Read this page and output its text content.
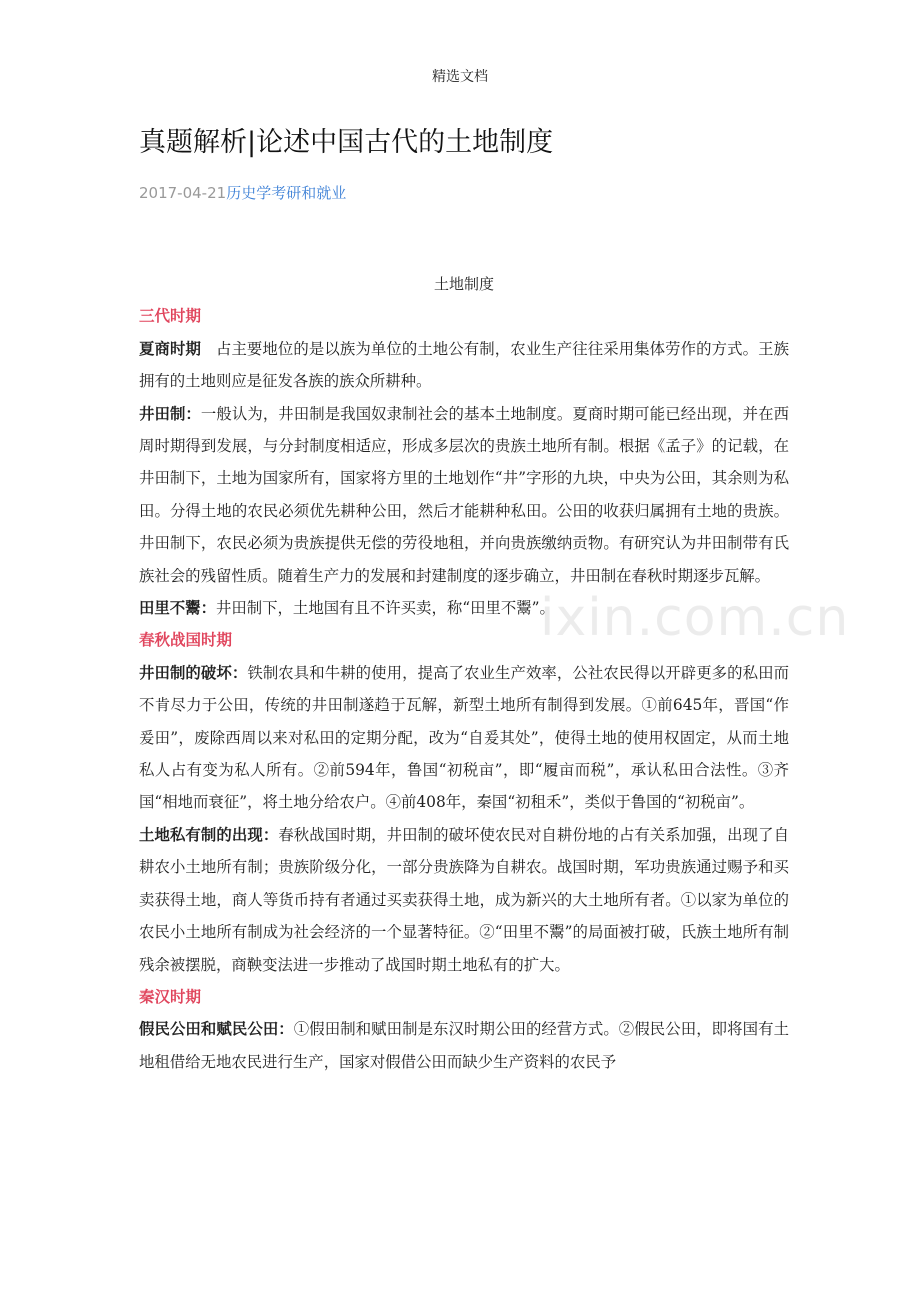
精选文档
真题解析|论述中国古代的土地制度
2017-04-21历史学考研和就业
ixin.com.cn
土地制度
三代时期

夏商时期 占主要地位的是以族为单位的土地公有制，农业生产往往采用集体劳作的方式。王族拥有的土地则应是征发各族的族众所耕种。

井田制：一般认为，井田制是我国奴隶制社会的基本土地制度。夏商时期可能已经出现，并在西周时期得到发展，与分封制度相适应，形成多层次的贵族土地所有制。根据《孟子》的记载，在井田制下，土地为国家所有，国家将方里的土地划作“井”字形的九块，中央为公田，其余则为私田。分得土地的农民必须优先耕种公田，然后才能耕种私田。公田的收获归属拥有土地的贵族。井田制下，农民必须为贵族提供无偿的劳役地租，并向贵族缴纳贡物。有研究认为井田制带有氏族社会的残留性质。随着生产力的发展和封建制度的逐步确立，井田制在春秋时期逐步瓦解。

田里不鬻：井田制下，土地国有且不许买卖，称“田里不鬻”。

春秋战国时期

井田制的破坏：铁制农具和牛耕的使用，提高了农业生产效率，公社农民得以开辟更多的私田而不肯尽力于公田，传统的井田制遂趋于瓦解，新型土地所有制得到发展。①前645年，晋国“作爰田”，废除西周以来对私田的定期分配，改为“自爰其处”，使得土地的使用权固定，从而土地私人占有变为私人所有。②前594年，鲁国“初税亩”，即“履亩而税”，承认私田合法性。③齐国“相地而衰征”，将土地分给农户。④前408年，秦国“初租禾”，类似于鲁国的“初税亩”。

土地私有制的出现：春秋战国时期，井田制的破坏使农民对自耕份地的占有关系加强，出现了自耕农小土地所有制；贵族阶级分化，一部分贵族降为自耕农。战国时期，军功贵族通过赐予和买卖获得土地，商人等货币持有者通过买卖获得土地，成为新兴的大土地所有者。①以家为单位的农民小土地所有制成为社会经济的一个显著特征。②“田里不鬻”的局面被打破，氏族土地所有制残余被摆脱，商鞅变法进一步推动了战国时期土地私有的扩大。

秦汉时期

假民公田和赋民公田：①假田制和赋田制是东汉时期公田的经营方式。②假民公田，即将国有土地租借给无地农民进行生产，国家对假借公田而缺少生产资料的农民予
